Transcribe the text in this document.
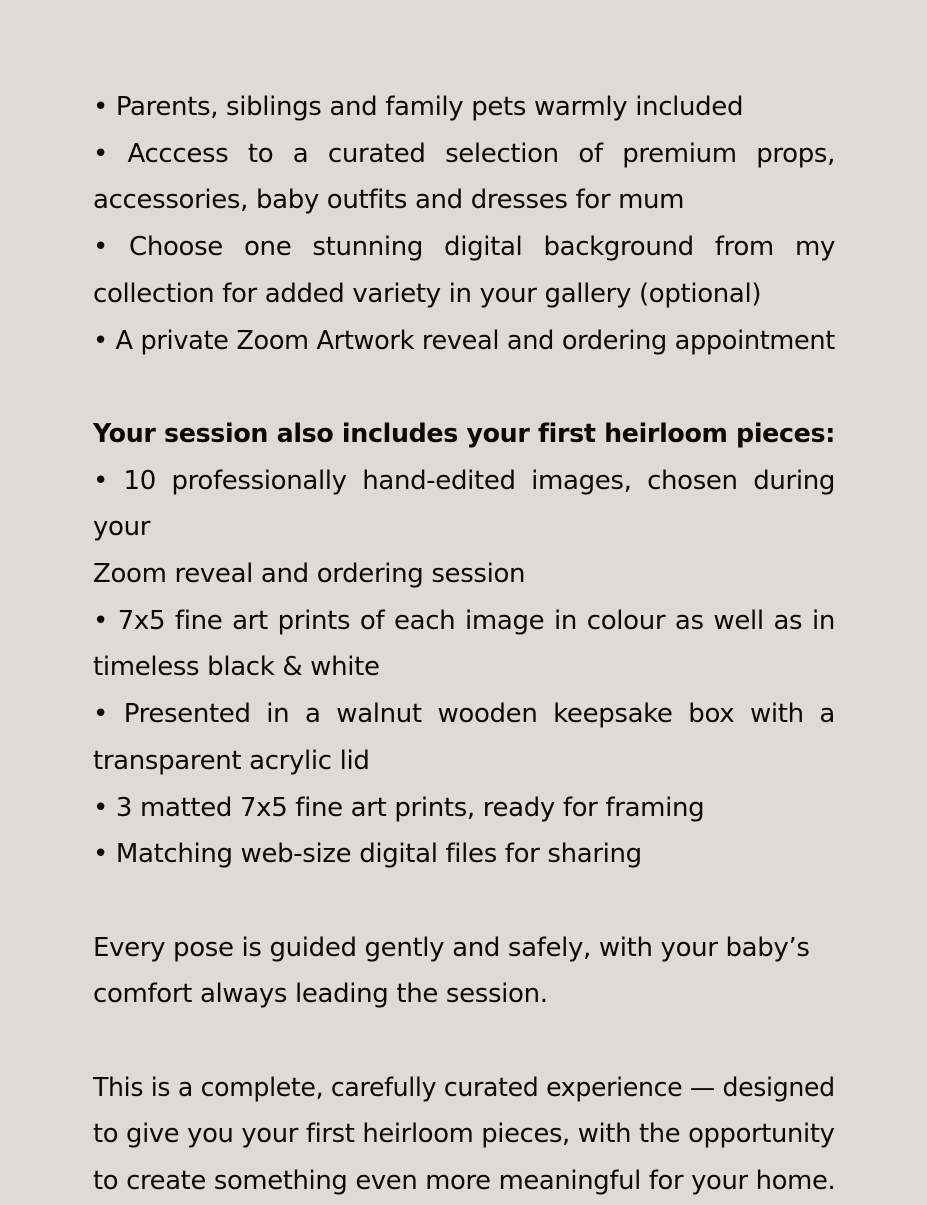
• Parents, siblings and family pets warmly included
• Acccess to a curated selection of premium props,
accessories, baby outfits and dresses for mum
• Choose one stunning digital background from my
collection for added variety in your gallery (optional)
• A private Zoom Artwork reveal and ordering appointment
Your session also includes your first heirloom pieces:
• 10 professionally hand-edited images, chosen during your
Zoom reveal and ordering session
• 7x5 fine art prints of each image in colour as well as in
timeless black & white
• Presented in a walnut wooden keepsake box with a
transparent acrylic lid
• 3 matted 7x5 fine art prints, ready for framing
• Matching web-size digital files for sharing
Every pose is guided gently and safely, with your baby’s
comfort always leading the session.
This is a complete, carefully curated experience — designed
to give you your first heirloom pieces, with the opportunity
to create something even more meaningful for your home.
